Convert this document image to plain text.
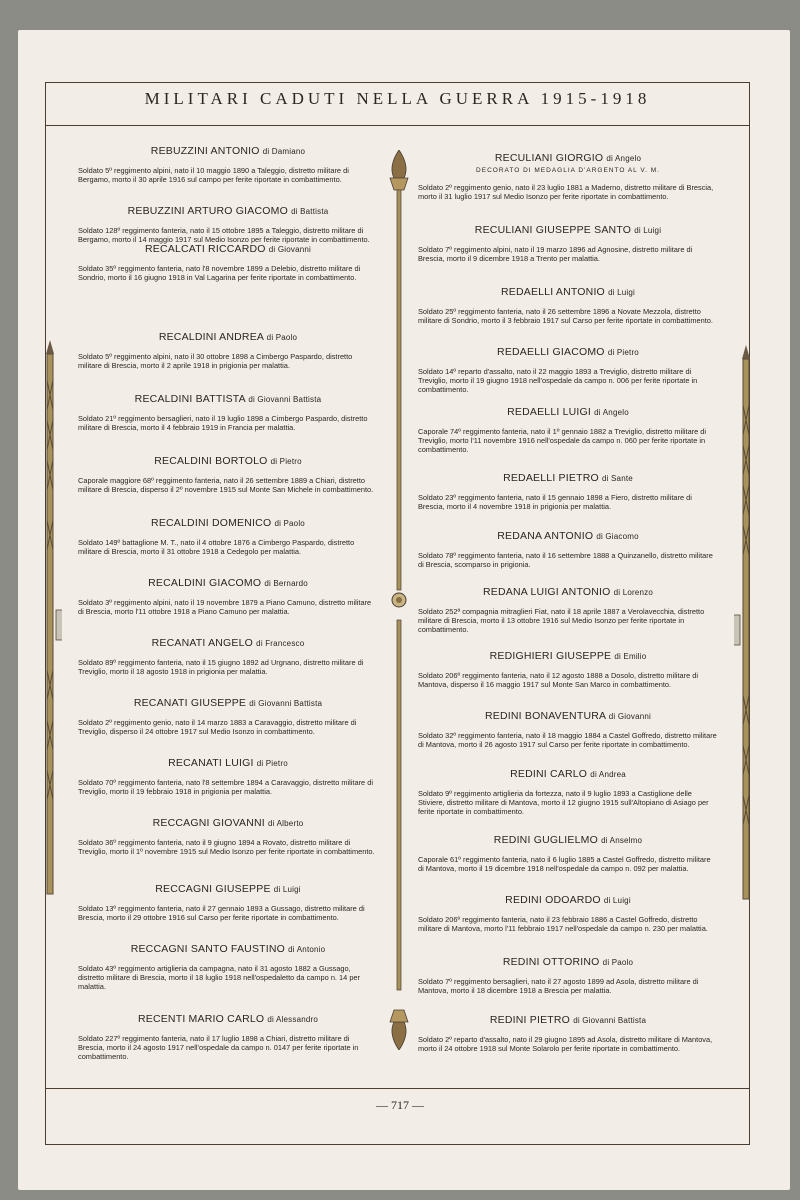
MILITARI CADUTI NELLA GUERRA 1915-1918
REBUZZINI ANTONIO di Damiano
Soldato 5º reggimento alpini, nato il 10 maggio 1890 a Taleggio, distretto militare di Bergamo, morto il 30 aprile 1916 sul campo per ferite riportate in combattimento.
REBUZZINI ARTURO GIACOMO di Battista
Soldato 128º reggimento fanteria, nato il 15 ottobre 1895 a Taleggio, distretto militare di Bergamo, morto il 14 maggio 1917 sul Medio Isonzo per ferite riportate in combattimento.
RECALCATI RICCARDO di Giovanni
Soldato 35º reggimento fanteria, nato l'8 novembre 1899 a Delebio, distretto militare di Sondrio, morto il 16 giugno 1918 in Val Lagarina per ferite riportate in combattimento.
RECALDINI ANDREA di Paolo
Soldato 5º reggimento alpini, nato il 30 ottobre 1898 a Cimbergo Paspardo, distretto militare di Brescia, morto il 2 aprile 1918 in prigionia per malattia.
RECALDINI BATTISTA di Giovanni Battista
Soldato 21º reggimento bersaglieri, nato il 19 luglio 1898 a Cimbergo Paspardo, distretto militare di Brescia, morto il 4 febbraio 1919 in Francia per malattia.
RECALDINI BORTOLO di Pietro
Caporale maggiore 68º reggimento fanteria, nato il 26 settembre 1889 a Chiari, distretto militare di Brescia, disperso il 2º novembre 1915 sul Monte San Michele in combattimento.
RECALDINI DOMENICO di Paolo
Soldato 149º battaglione M. T., nato il 4 ottobre 1876 a Cimbergo Paspardo, distretto militare di Brescia, morto il 31 ottobre 1918 a Cedegolo per malattia.
RECALDINI GIACOMO di Bernardo
Soldato 3º reggimento alpini, nato il 19 novembre 1879 a Piano Camuno, distretto militare di Brescia, morto l'11 ottobre 1918 a Piano Camuno per malattia.
RECANATI ANGELO di Francesco
Soldato 89º reggimento fanteria, nato il 15 giugno 1892 ad Urgnano, distretto militare di Treviglio, morto il 18 agosto 1918 in prigionia per malattia.
RECANATI GIUSEPPE di Giovanni Battista
Soldato 2º reggimento genio, nato il 14 marzo 1883 a Caravaggio, distretto militare di Treviglio, disperso il 24 ottobre 1917 sul Medio Isonzo in combattimento.
RECANATI LUIGI di Pietro
Soldato 70º reggimento fanteria, nato l'8 settembre 1894 a Caravaggio, distretto militare di Treviglio, morto il 19 febbraio 1918 in prigionia per malattia.
RECCAGNI GIOVANNI di Alberto
Soldato 36º reggimento fanteria, nato il 9 giugno 1894 a Rovato, distretto militare di Treviglio, morto il 1º novembre 1915 sul Medio Isonzo per ferite riportate in combattimento.
RECCAGNI GIUSEPPE di Luigi
Soldato 13º reggimento fanteria, nato il 27 gennaio 1893 a Gussago, distretto militare di Brescia, morto il 29 ottobre 1916 sul Carso per ferite riportate in combattimento.
RECCAGNI SANTO FAUSTINO di Antonio
Soldato 43º reggimento artiglieria da campagna, nato il 31 agosto 1882 a Gussago, distretto militare di Brescia, morto il 18 luglio 1918 nell'ospedaletto da campo n. 14 per malattia.
RECENTI MARIO CARLO di Alessandro
Soldato 227º reggimento fanteria, nato il 17 luglio 1898 a Chiari, distretto militare di Brescia, morto il 24 agosto 1917 nell'ospedale da campo n. 0147 per ferite riportate in combattimento.
RECULIANI GIORGIO di Angelo
DECORATO DI MEDAGLIA D'ARGENTO AL V. M.
Soldato 2º reggimento genio, nato il 23 luglio 1881 a Maderno, distretto militare di Brescia, morto il 31 luglio 1917 sul Medio Isonzo per ferite riportate in combattimento.
RECULIANI GIUSEPPE SANTO di Luigi
Soldato 7º reggimento alpini, nato il 19 marzo 1896 ad Agnosine, distretto militare di Brescia, morto il 9 dicembre 1918 a Trento per malattia.
REDAELLI ANTONIO di Luigi
Soldato 25º reggimento fanteria, nato il 26 settembre 1896 a Novate Mezzola, distretto militare di Sondrio, morto il 3 febbraio 1917 sul Carso per ferite riportate in combattimento.
REDAELLI GIACOMO di Pietro
Soldato 14º reparto d'assalto, nato il 22 maggio 1893 a Treviglio, distretto militare di Treviglio, morto il 19 giugno 1918 nell'ospedale da campo n. 006 per ferite riportate in combattimento.
REDAELLI LUIGI di Angelo
Caporale 74º reggimento fanteria, nato il 1º gennaio 1882 a Treviglio, distretto militare di Treviglio, morto l'11 novembre 1916 nell'ospedale da campo n. 060 per ferite riportate in combattimento.
REDAELLI PIETRO di Sante
Soldato 23º reggimento fanteria, nato il 15 gennaio 1898 a Fiero, distretto militare di Brescia, morto il 4 novembre 1918 in prigionia per malattia.
REDANA ANTONIO di Giacomo
Soldato 78º reggimento fanteria, nato il 16 settembre 1888 a Quinzanello, distretto militare di Brescia, scomparso in prigionia.
REDANA LUIGI ANTONIO di Lorenzo
Soldato 252ª compagnia mitraglieri Fiat, nato il 18 aprile 1887 a Verolavecchia, distretto militare di Brescia, morto il 13 ottobre 1916 sul Medio Isonzo per ferite riportate in combattimento.
REDIGHIERI GIUSEPPE di Emilio
Soldato 206º reggimento fanteria, nato il 12 agosto 1888 a Dosolo, distretto militare di Mantova, disperso il 16 maggio 1917 sul Monte San Marco in combattimento.
REDINI BONAVENTURA di Giovanni
Soldato 32º reggimento fanteria, nato il 18 maggio 1884 a Castel Goffredo, distretto militare di Mantova, morto il 26 agosto 1917 sul Carso per ferite riportate in combattimento.
REDINI CARLO di Andrea
Soldato 9º reggimento artiglieria da fortezza, nato il 9 luglio 1893 a Castiglione delle Stiviere, distretto militare di Mantova, morto il 12 giugno 1915 sull'Altopiano di Asiago per ferite riportate in combattimento.
REDINI GUGLIELMO di Anselmo
Caporale 61º reggimento fanteria, nato il 6 luglio 1885 a Castel Goffredo, distretto militare di Mantova, morto il 19 dicembre 1918 nell'ospedale da campo n. 092 per malattia.
REDINI ODOARDO di Luigi
Soldato 206º reggimento fanteria, nato il 23 febbraio 1886 a Castel Goffredo, distretto militare di Mantova, morto l'11 febbraio 1917 nell'ospedale da campo n. 230 per malattia.
REDINI OTTORINO di Paolo
Soldato 7º reggimento bersaglieri, nato il 27 agosto 1899 ad Asola, distretto militare di Mantova, morto il 18 dicembre 1918 a Brescia per malattia.
REDINI PIETRO di Giovanni Battista
Soldato 2º reparto d'assalto, nato il 29 giugno 1895 ad Asola, distretto militare di Mantova, morto il 24 ottobre 1918 sul Monte Solarolo per ferite riportate in combattimento.
— 717 —
